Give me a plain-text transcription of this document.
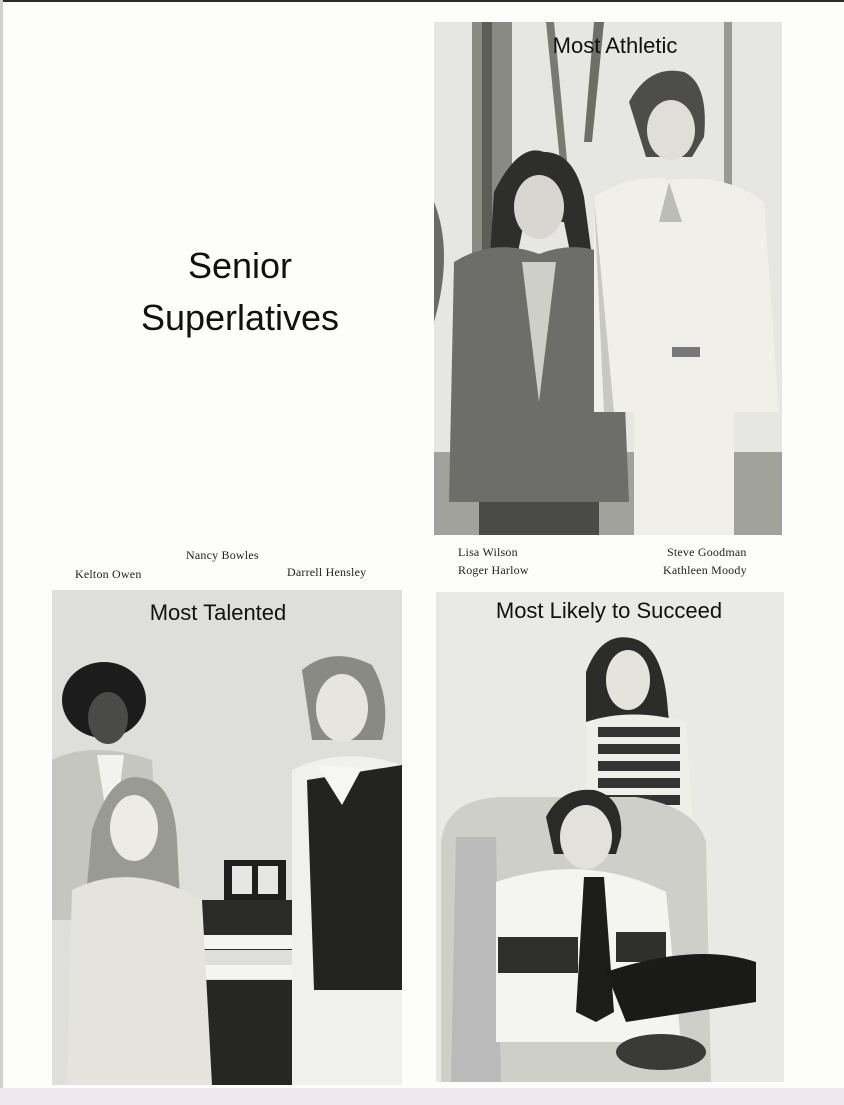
Senior
Superlatives
Most Athletic
Lisa Wilson
Roger Harlow
Steve Goodman
Kathleen Moody
Nancy Bowles
Kelton Owen	Darrell Hensley
Most Talented	Most Likely to Succeed
